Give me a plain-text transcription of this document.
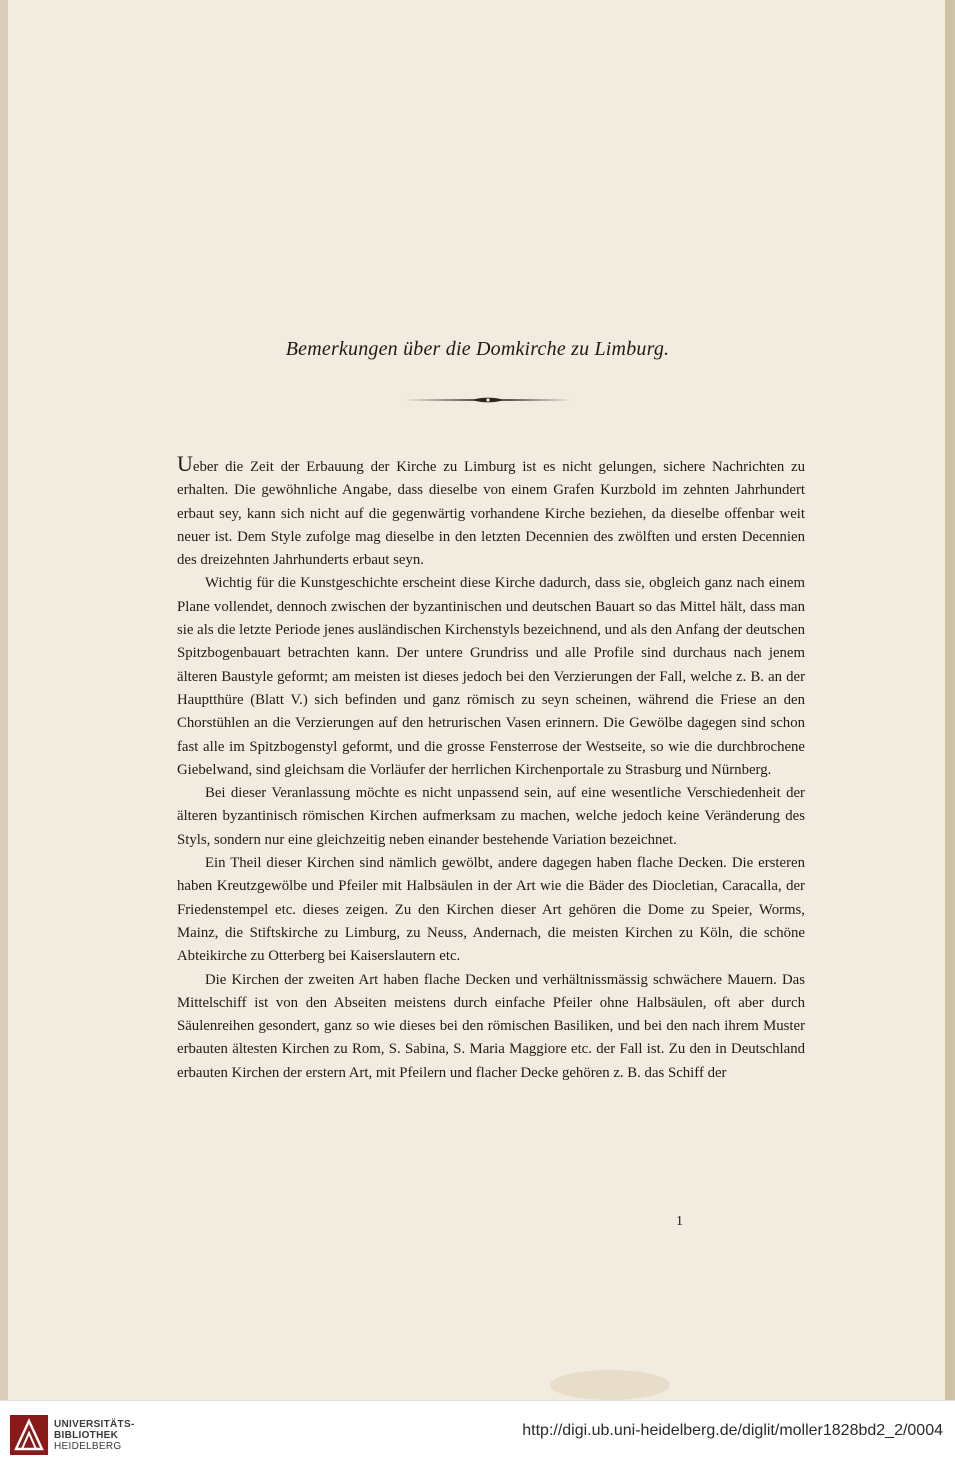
Bemerkungen über die Domkirche zu Limburg.

Ueber die Zeit der Erbauung der Kirche zu Limburg ist es nicht gelungen, sichere Nachrichten zu erhalten. Die gewöhnliche Angabe, dass dieselbe von einem Grafen Kurzbold im zehnten Jahrhundert erbaut sey, kann sich nicht auf die gegenwärtig vorhandene Kirche beziehen, da dieselbe offenbar weit neuer ist. Dem Style zufolge mag dieselbe in den letzten Decennien des zwölften und ersten Decennien des dreizehnten Jahrhunderts erbaut seyn.

Wichtig für die Kunstgeschichte erscheint diese Kirche dadurch, dass sie, obgleich ganz nach einem Plane vollendet, dennoch zwischen der byzantinischen und deutschen Bauart so das Mittel hält, dass man sie als die letzte Periode jenes ausländischen Kirchenstyls bezeichnend, und als den Anfang der deutschen Spitzbogenbauart betrachten kann. Der untere Grundriss und alle Profile sind durchaus nach jenem älteren Baustyle geformt; am meisten ist dieses jedoch bei den Verzierungen der Fall, welche z. B. an der Hauptthüre (Blatt V.) sich befinden und ganz römisch zu seyn scheinen, während die Friese an den Chorstühlen an die Verzierungen auf den hetrurischen Vasen erinnern. Die Gewölbe dagegen sind schon fast alle im Spitzbogenstyl geformt, und die grosse Fensterrose der Westseite, so wie die durchbrochene Giebelwand, sind gleichsam die Vorläufer der herrlichen Kirchenportale zu Strasburg und Nürnberg.

Bei dieser Veranlassung möchte es nicht unpassend sein, auf eine wesentliche Verschiedenheit der älteren byzantinisch römischen Kirchen aufmerksam zu machen, welche jedoch keine Veränderung des Styls, sondern nur eine gleichzeitig neben einander bestehende Variation bezeichnet.

Ein Theil dieser Kirchen sind nämlich gewölbt, andere dagegen haben flache Decken. Die ersteren haben Kreutzgewölbe und Pfeiler mit Halbsäulen in der Art wie die Bäder des Diocletian, Caracalla, der Friedenstempel etc. dieses zeigen. Zu den Kirchen dieser Art gehören die Dome zu Speier, Worms, Mainz, die Stiftskirche zu Limburg, zu Neuss, Andernach, die meisten Kirchen zu Köln, die schöne Abteikirche zu Otterberg bei Kaiserslautern etc.

Die Kirchen der zweiten Art haben flache Decken und verhältnissmässig schwächere Mauern. Das Mittelschiff ist von den Abseiten meistens durch einfache Pfeiler ohne Halbsäulen, oft aber durch Säulenreihen gesondert, ganz so wie dieses bei den römischen Basiliken, und bei den nach ihrem Muster erbauten ältesten Kirchen zu Rom, S. Sabina, S. Maria Maggiore etc. der Fall ist. Zu den in Deutschland erbauten Kirchen der erstern Art, mit Pfeilern und flacher Decke gehören z. B. das Schiff der

1
UNIVERSITÄTS-
BIBLIOTHEK
HEIDELBERG
http://digi.ub.uni-heidelberg.de/diglit/moller1828bd2_2/0004
